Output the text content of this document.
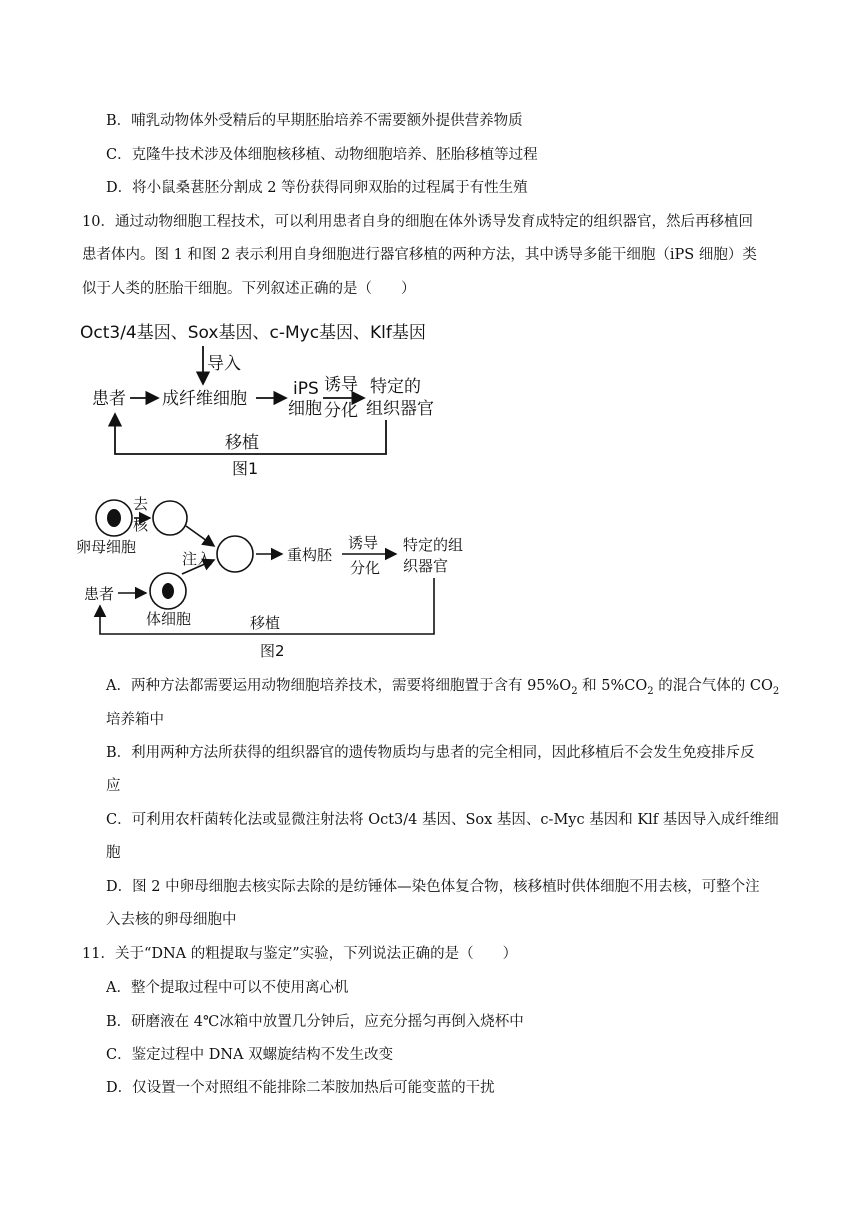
B．哺乳动物体外受精后的早期胚胎培养不需要额外提供营养物质
C．克隆牛技术涉及体细胞核移植、动物细胞培养、胚胎移植等过程
D．将小鼠桑葚胚分割成 2 等份获得同卵双胎的过程属于有性生殖
10．通过动物细胞工程技术，可以利用患者自身的细胞在体外诱导发育成特定的组织器官，然后再移植回
患者体内。图 1 和图 2 表示利用自身细胞进行器官移植的两种方法，其中诱导多能干细胞（iPS 细胞）类
似于人类的胚胎干细胞。下列叙述正确的是（　　）
Oct3/4基因、Sox基因、c-Myc基因、Klf基因
导入
患者 成纤维细胞	iPS
细胞
诱导
分化
特定的
组织器官
移植
图1
去
核
卵母细胞
注入	重构胚
诱导
分化
特定的组
织器官
患者
体细胞	移植
图2
A．两种方法都需要运用动物细胞培养技术，需要将细胞置于含有 $95\%O_2$ 和 $5\%CO_2$ 的混合气体的 $CO_2$
培养箱中
B．利用两种方法所获得的组织器官的遗传物质均与患者的完全相同，因此移植后不会发生免疫排斥反
应
C．可利用农杆菌转化法或显微注射法将 Oct3/4 基因、Sox 基因、c-Myc 基因和 Klf 基因导入成纤维细
胞
D．图 2 中卵母细胞去核实际去除的是纺锤体—染色体复合物，核移植时供体细胞不用去核，可整个注
入去核的卵母细胞中
11．关于“DNA 的粗提取与鉴定”实验，下列说法正确的是（　　）
A．整个提取过程中可以不使用离心机
B．研磨液在 4℃冰箱中放置几分钟后，应充分摇匀再倒入烧杯中
C．鉴定过程中 DNA 双螺旋结构不发生改变
D．仅设置一个对照组不能排除二苯胺加热后可能变蓝的干扰
